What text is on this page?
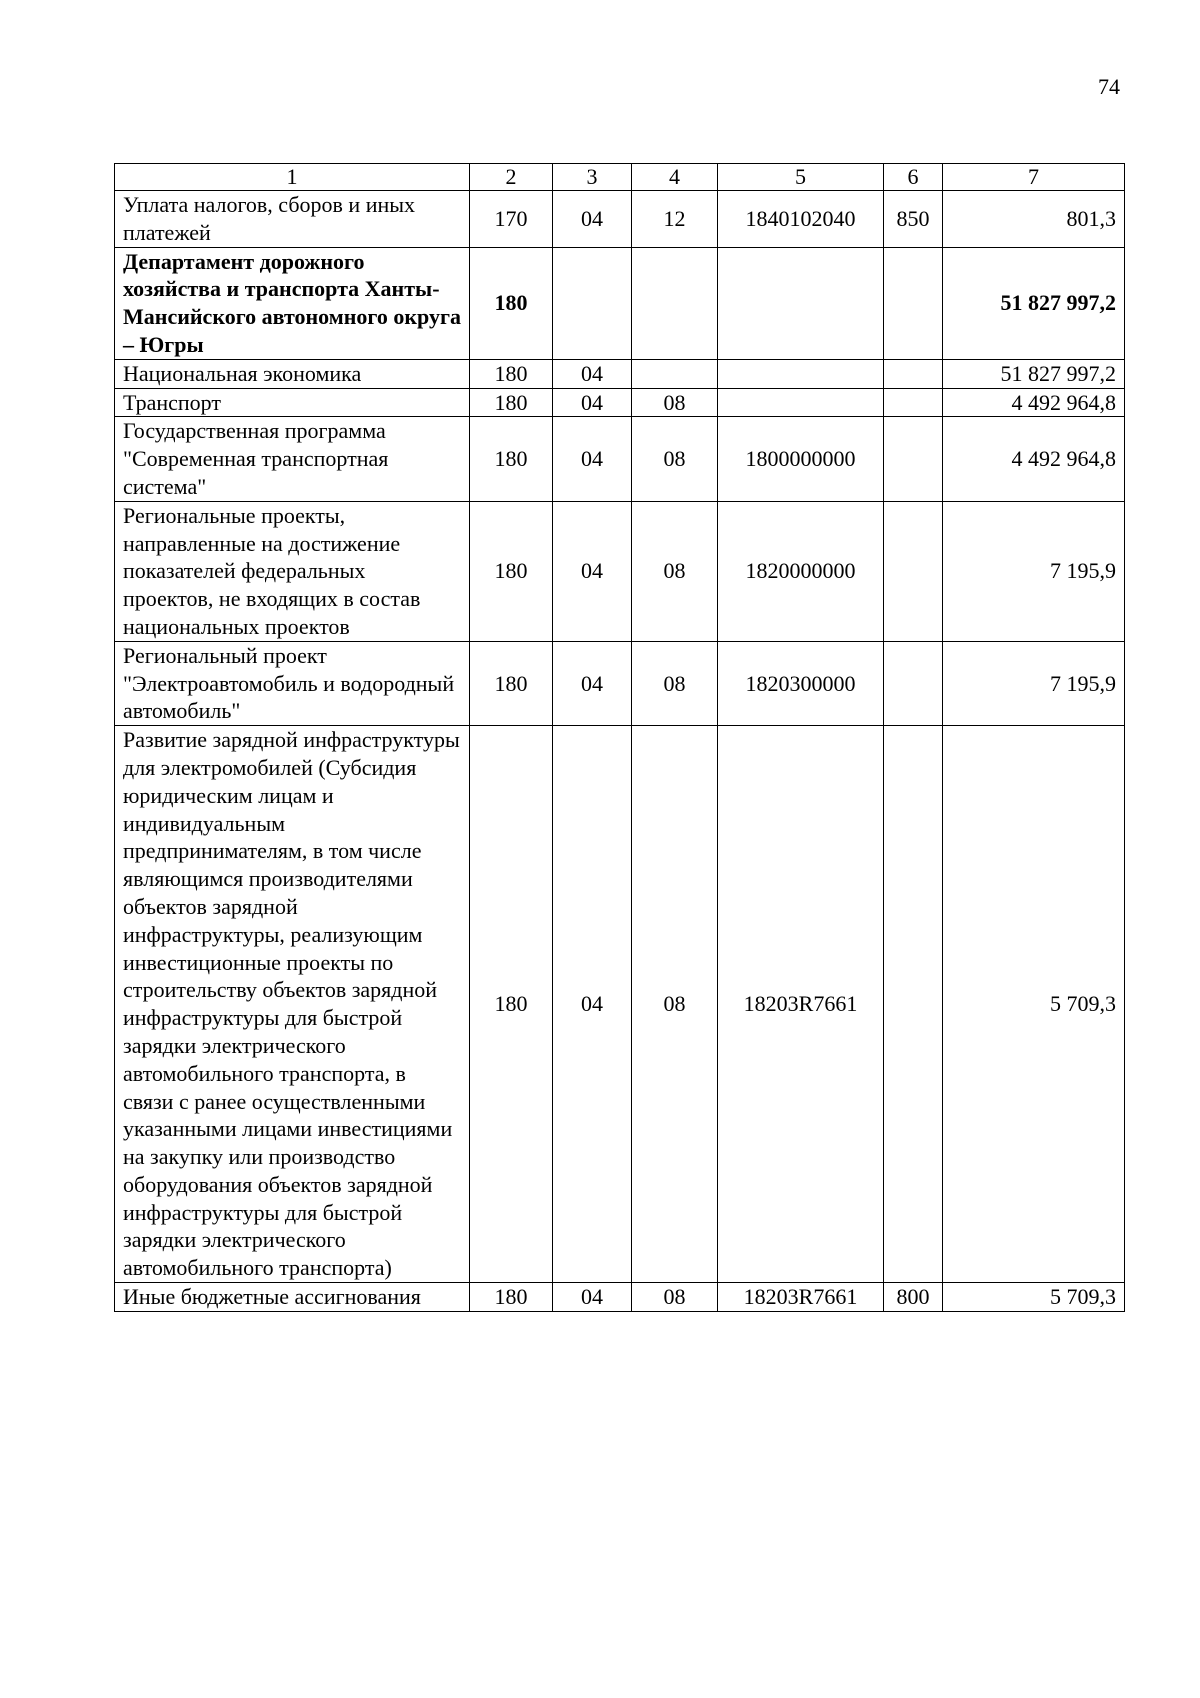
74
1	2	3	4	5	6	7
Уплата налогов, сборов и иных платежей	170	04	12	1840102040	850	801,3
Департамент дорожного хозяйства и транспорта Ханты-Мансийского автономного округа – Югры	180					51 827 997,2
Национальная экономика	180	04				51 827 997,2
Транспорт	180	04	08			4 492 964,8
Государственная программа "Современная транспортная система"	180	04	08	1800000000		4 492 964,8
Региональные проекты, направленные на достижение показателей федеральных проектов, не входящих в состав национальных проектов	180	04	08	1820000000		7 195,9
Региональный проект "Электроавтомобиль и водородный автомобиль"	180	04	08	1820300000		7 195,9
Развитие зарядной инфраструктуры для электромобилей (Субсидия юридическим лицам и индивидуальным предпринимателям, в том числе являющимся производителями объектов зарядной инфраструктуры, реализующим инвестиционные проекты по строительству объектов зарядной инфраструктуры для быстрой зарядки электрического автомобильного транспорта, в связи с ранее осуществленными указанными лицами инвестициями на закупку или производство оборудования объектов зарядной инфраструктуры для быстрой зарядки электрического автомобильного транспорта)	180	04	08	18203R7661		5 709,3
Иные бюджетные ассигнования	180	04	08	18203R7661	800	5 709,3
